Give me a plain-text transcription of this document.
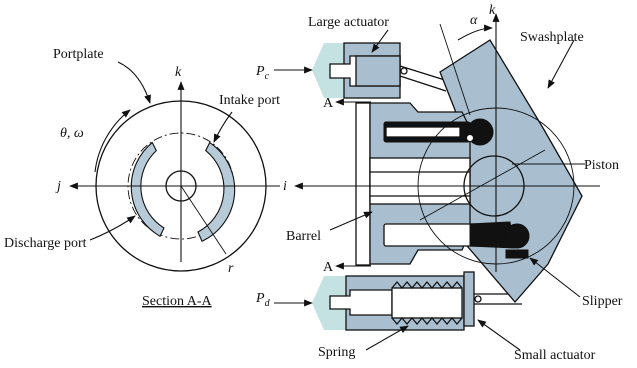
Portplate
Intake port
Discharge port
θ, ω
k
j
r
Section A-A
Large actuator	α
k
Swashplate
$P_c$
A
i
Piston
Barrel
A
$P_d$	Slipper
Spring	Small actuator
